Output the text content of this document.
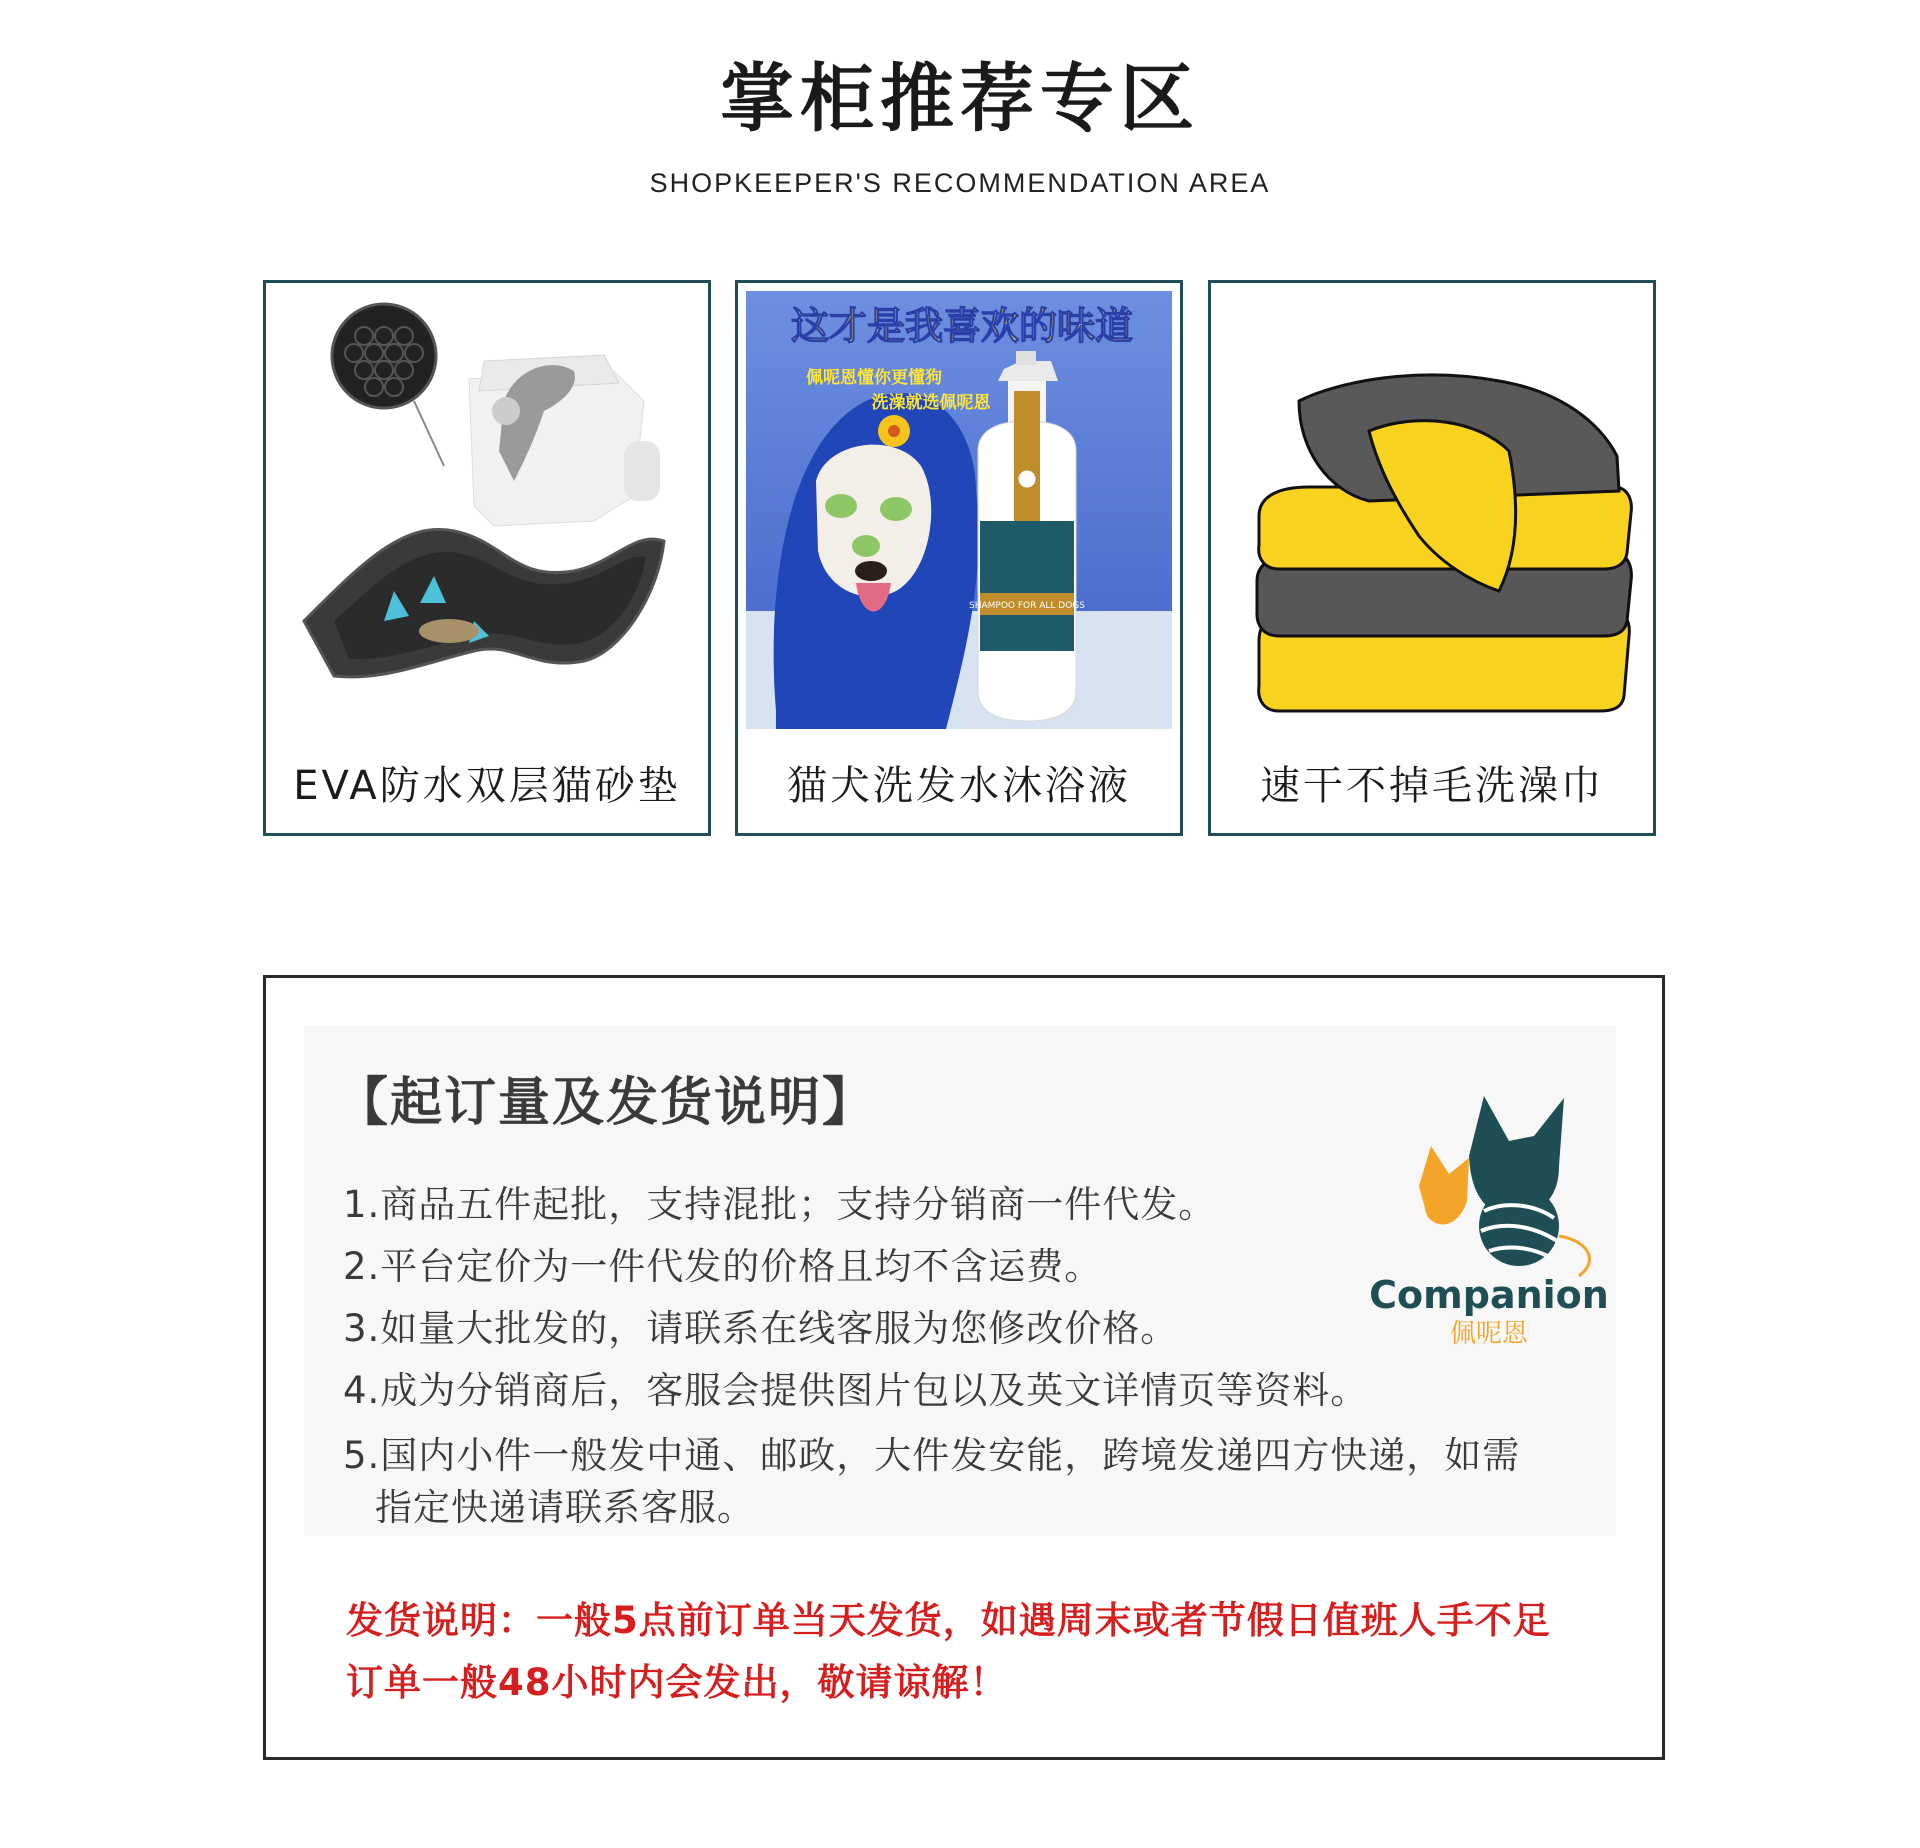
掌柜推荐专区
SHOPKEEPER'S RECOMMENDATION AREA
EVA防水双层猫砂垫
SHAMPOO FOR ALL DOGS
这才是我喜欢的味道
佩呢恩懂你更懂狗
洗澡就选佩呢恩
猫犬洗发水沐浴液	速干不掉毛洗澡巾
Companion
佩呢恩
【起订量及发货说明】
1.商品五件起批，支持混批；支持分销商一件代发。
2.平台定价为一件代发的价格且均不含运费。
3.如量大批发的，请联系在线客服为您修改价格。
4.成为分销商后，客服会提供图片包以及英文详情页等资料。
5.国内小件一般发中通、邮政，大件发安能，跨境发递四方快递，如需
指定快递请联系客服。
发货说明：一般5点前订单当天发货，如遇周末或者节假日值班人手不足
订单一般48小时内会发出，敬请谅解！
